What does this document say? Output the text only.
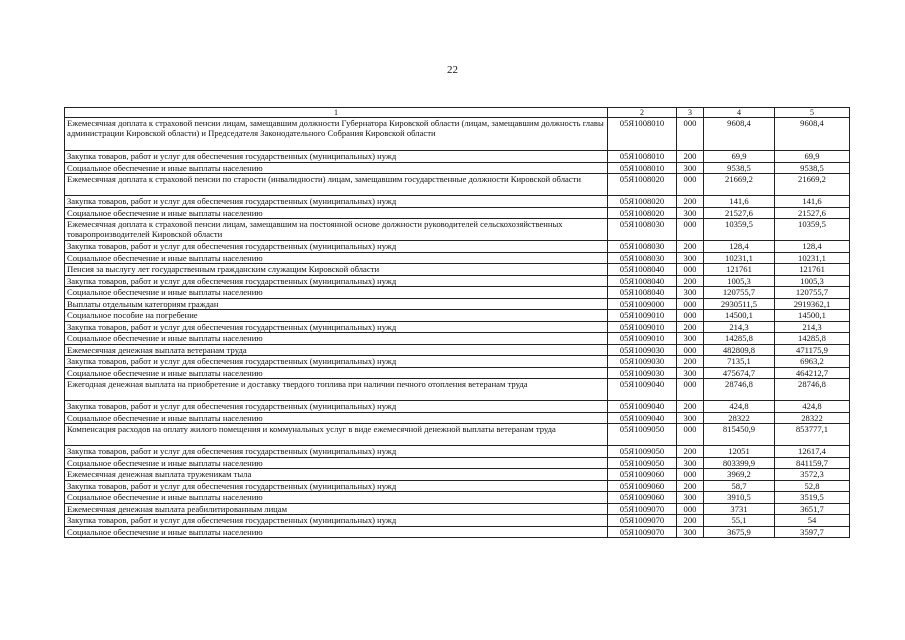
22
1	2	3	4	5
Ежемесячная доплата к страховой пенсии лицам, замещавшим должности Губернатора Кировской области (лицам, замещавшим должность главы администрации Кировской области) и Председателя Законодательного Собрания Кировской области	05Я1008010	000	9608,4	9608,4
Закупка товаров, работ и услуг для обеспечения государственных (муниципальных) нужд	05Я1008010	200	69,9	69,9
Социальное обеспечение и иные выплаты населению	05Я1008010	300	9538,5	9538,5
Ежемесячная доплата к страховой пенсии по старости (инвалидности) лицам, замещавшим государственные должности Кировской области	05Я1008020	000	21669,2	21669,2
Закупка товаров, работ и услуг для обеспечения государственных (муниципальных) нужд	05Я1008020	200	141,6	141,6
Социальное обеспечение и иные выплаты населению	05Я1008020	300	21527,6	21527,6
Ежемесячная доплата к страховой пенсии лицам, замещавшим на постоянной основе должности руководителей сельскохозяйственных товаропроизводителей Кировской области	05Я1008030	000	10359,5	10359,5
Закупка товаров, работ и услуг для обеспечения государственных (муниципальных) нужд	05Я1008030	200	128,4	128,4
Социальное обеспечение и иные выплаты населению	05Я1008030	300	10231,1	10231,1
Пенсия за выслугу лет государственным гражданским служащим Кировской области	05Я1008040	000	121761	121761
Закупка товаров, работ и услуг для обеспечения государственных (муниципальных) нужд	05Я1008040	200	1005,3	1005,3
Социальное обеспечение и иные выплаты населению	05Я1008040	300	120755,7	120755,7
Выплаты отдельным категориям граждан	05Я1009000	000	2930511,5	2919362,1
Социальное пособие на погребение	05Я1009010	000	14500,1	14500,1
Закупка товаров, работ и услуг для обеспечения государственных (муниципальных) нужд	05Я1009010	200	214,3	214,3
Социальное обеспечение и иные выплаты населению	05Я1009010	300	14285,8	14285,8
Ежемесячная денежная выплата ветеранам труда	05Я1009030	000	482809,8	471175,9
Закупка товаров, работ и услуг для обеспечения государственных (муниципальных) нужд	05Я1009030	200	7135,1	6963,2
Социальное обеспечение и иные выплаты населению	05Я1009030	300	475674,7	464212,7
Ежегодная денежная выплата на приобретение и доставку твердого топлива при наличии печного отопления ветеранам труда	05Я1009040	000	28746,8	28746,8
Закупка товаров, работ и услуг для обеспечения государственных (муниципальных) нужд	05Я1009040	200	424,8	424,8
Социальное обеспечение и иные выплаты населению	05Я1009040	300	28322	28322
Компенсация расходов на оплату жилого помещения и коммунальных услуг в виде ежемесячной денежной выплаты ветеранам труда	05Я1009050	000	815450,9	853777,1
Закупка товаров, работ и услуг для обеспечения государственных (муниципальных) нужд	05Я1009050	200	12051	12617,4
Социальное обеспечение и иные выплаты населению	05Я1009050	300	803399,9	841159,7
Ежемесячная денежная выплата труженикам тыла	05Я1009060	000	3969,2	3572,3
Закупка товаров, работ и услуг для обеспечения государственных (муниципальных) нужд	05Я1009060	200	58,7	52,8
Социальное обеспечение и иные выплаты населению	05Я1009060	300	3910,5	3519,5
Ежемесячная денежная выплата реабилитированным лицам	05Я1009070	000	3731	3651,7
Закупка товаров, работ и услуг для обеспечения государственных (муниципальных) нужд	05Я1009070	200	55,1	54
Социальное обеспечение и иные выплаты населению	05Я1009070	300	3675,9	3597,7
